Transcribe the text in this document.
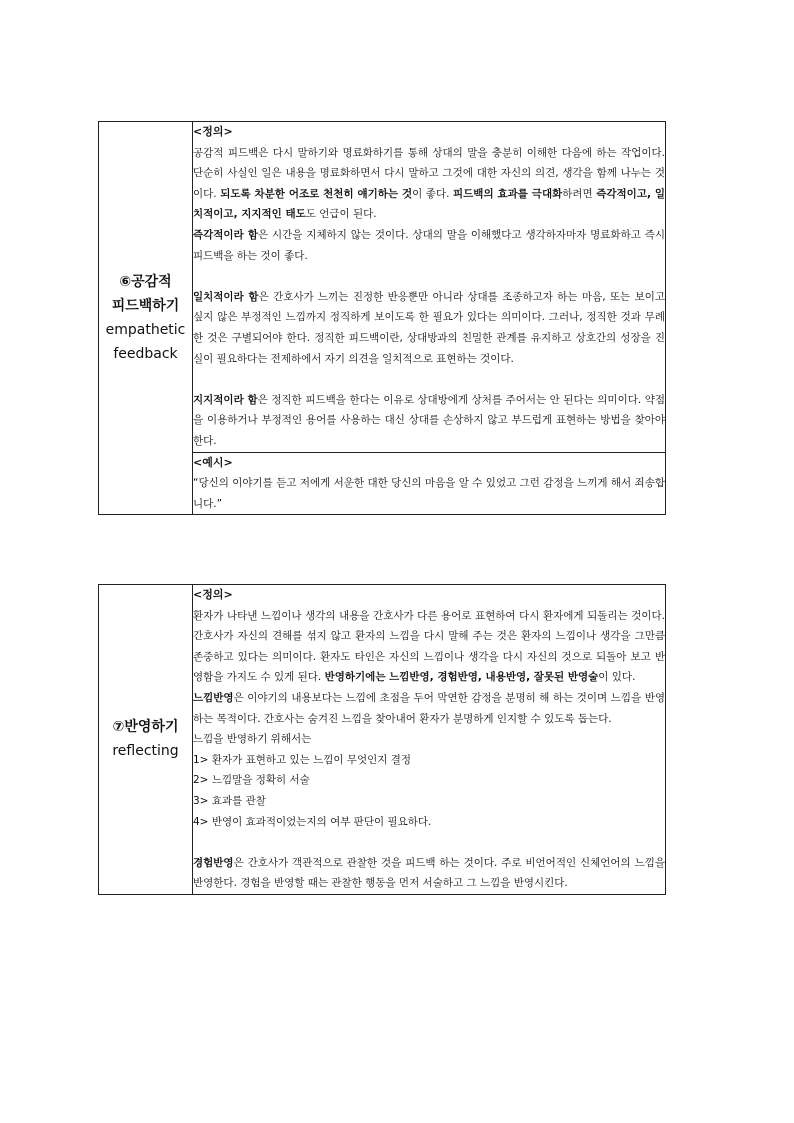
⑥공감적
피드백하기
empathetic
feedback

<정의>

공감적 피드백은 다시 말하기와 명료화하기를 통해 상대의 말을 충분히 이해한 다음에 하는 작업이다. 단순히 사실인 일은 내용을 명료화하면서 다시 말하고 그것에 대한 자신의 의견, 생각을 함께 나누는 것이다. 되도록 차분한 어조로 천천히 얘기하는 것이 좋다. 피드백의 효과를 극대화하려면 즉각적이고, 일치적이고, 지지적인 태도도 언급이 된다.

즉각적이라 함은 시간을 지체하지 않는 것이다. 상대의 말을 이해했다고 생각하자마자 명료화하고 즉시 피드백을 하는 것이 좋다.

일치적이라 함은 간호사가 느끼는 진정한 반응뿐만 아니라 상대를 조종하고자 하는 마음, 또는 보이고 싶지 않은 부정적인 느낌까지 정직하게 보이도록 한 필요가 있다는 의미이다. 그러나, 정직한 것과 무례한 것은 구별되어야 한다. 정직한 피드백이란, 상대방과의 친밀한 관계를 유지하고 상호간의 성장을 진실이 필요하다는 전제하에서 자기 의견을 일치적으로 표현하는 것이다.

지지적이라 함은 정직한 피드백을 한다는 이유로 상대방에게 상처를 주어서는 안 된다는 의미이다. 약점을 이용하거나 부정적인 용어를 사용하는 대신 상대를 손상하지 않고 부드럽게 표현하는 방법을 찾아야한다.

<예시>

“당신의 이야기를 듣고 저에게 서운한 대한 당신의 마음을 알 수 있었고 그런 감정을 느끼게 해서 죄송합니다.”

⑦반영하기
reflecting

<정의>

환자가 나타낸 느낌이나 생각의 내용을 간호사가 다른 용어로 표현하여 다시 환자에게 되돌리는 것이다. 간호사가 자신의 견해를 섞지 않고 환자의 느낌을 다시 말해 주는 것은 환자의 느낌이나 생각을 그만큼 존중하고 있다는 의미이다. 환자도 타인은 자신의 느낌이나 생각을 다시 자신의 것으로 되돌아 보고 반영함을 가지도 수 있게 된다. 반영하기에는 느낌반영, 경험반영, 내용반영, 잘못된 반영술이 있다.

느낌반영은 이야기의 내용보다는 느낌에 초점을 두어 막연한 감정을 분명히 해 하는 것이며 느낌을 반영하는 목적이다. 간호사는 숨겨진 느낌을 찾아내어 환자가 분명하게 인지할 수 있도록 돕는다.

느낌을 반영하기 위해서는

1> 환자가 표현하고 있는 느낌이 무엇인지 결정

2> 느낌말을 정확히 서술

3> 효과를 관찰

4> 반영이 효과적이었는지의 여부 판단이 필요하다.

경험반영은 간호사가 객관적으로 관찰한 것을 피드백 하는 것이다. 주로 비언어적인 신체언어의 느낌을 반영한다. 경험을 반영할 때는 관찰한 행동을 먼저 서술하고 그 느낌을 반영시킨다.
